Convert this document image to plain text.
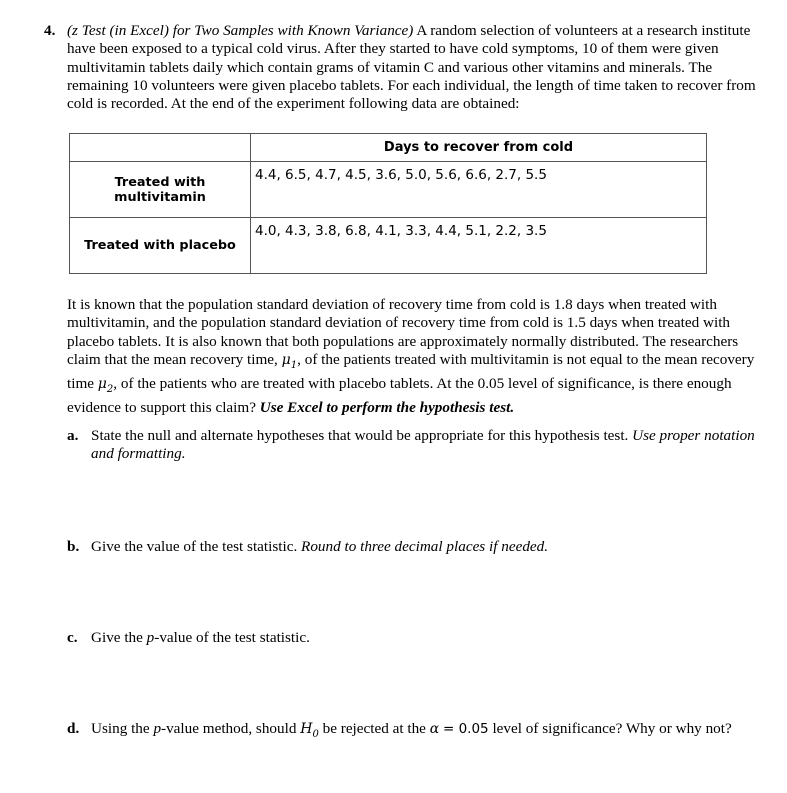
4. (z Test (in Excel) for Two Samples with Known Variance) A random selection of volunteers at a research institute have been exposed to a typical cold virus. After they started to have cold symptoms, 10 of them were given multivitamin tablets daily which contain grams of vitamin C and various other vitamins and minerals. The remaining 10 volunteers were given placebo tablets. For each individual, the length of time taken to recover from cold is recorded. At the end of the experiment following data are obtained:
	Days to recover from cold
Treated with multivitamin	4.4, 6.5, 4.7, 4.5, 3.6, 5.0, 5.6, 6.6, 2.7, 5.5
Treated with placebo	4.0, 4.3, 3.8, 6.8, 4.1, 3.3, 4.4, 5.1, 2.2, 3.5
It is known that the population standard deviation of recovery time from cold is 1.8 days when treated with multivitamin, and the population standard deviation of recovery time from cold is 1.5 days when treated with placebo tablets. It is also known that both populations are approximately normally distributed. The researchers claim that the mean recovery time, $\mu_1$, of the patients treated with multivitamin is not equal to the mean recovery time $\mu_2$, of the patients who are treated with placebo tablets. At the 0.05 level of significance, is there enough evidence to support this claim? Use Excel to perform the hypothesis test.
a. State the null and alternate hypotheses that would be appropriate for this hypothesis test. Use proper notation and formatting.
b. Give the value of the test statistic. Round to three decimal places if needed.
c. Give the p-value of the test statistic.
d. Using the p-value method, should $H_0$ be rejected at the α = 0.05 level of significance? Why or why not?
